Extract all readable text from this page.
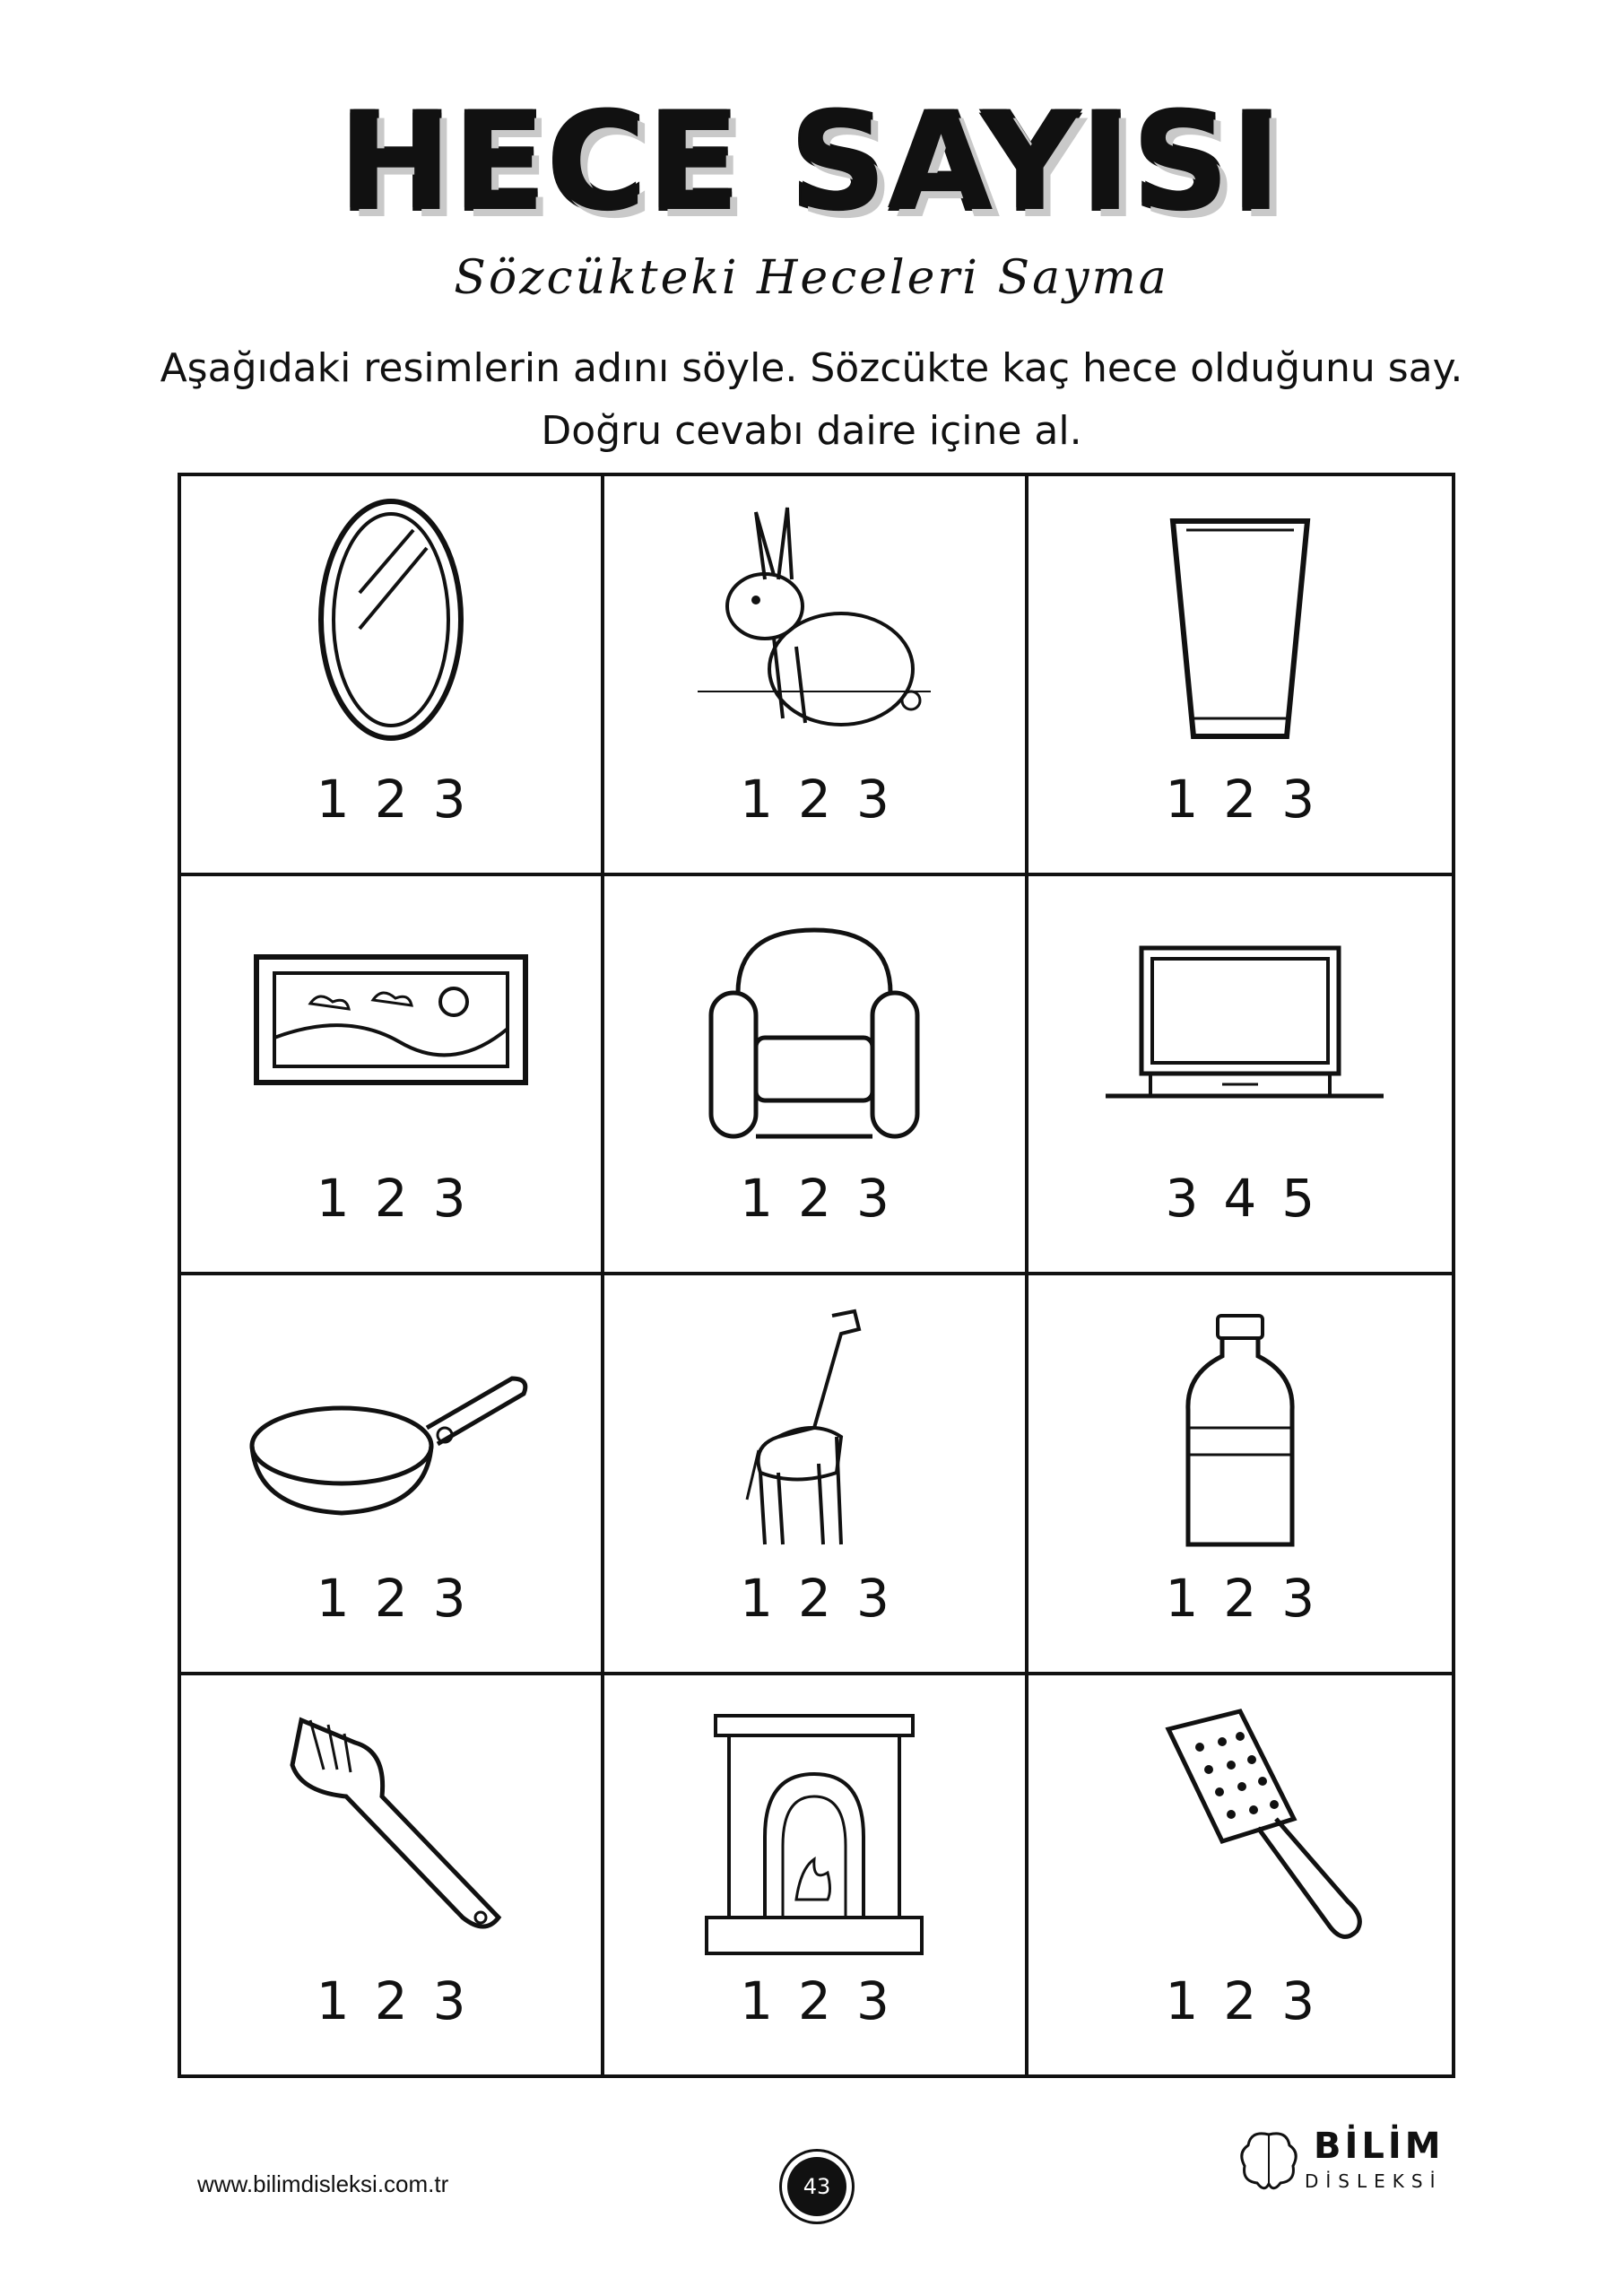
HECE SAYISI
Sözcükteki Heceleri Sayma
Aşağıdaki resimlerin adını söyle. Sözcükte kaç hece olduğunu say.
Doğru cevabı daire içine al.
1 2 3	1 2 3	1 2 3
1 2 3	1 2 3	3 4 5
1 2 3	1 2 3	1 2 3
1 2 3	1 2 3	1 2 3
www.bilimdisleksi.com.tr	43
BİLİM
DİSLEKSİ
